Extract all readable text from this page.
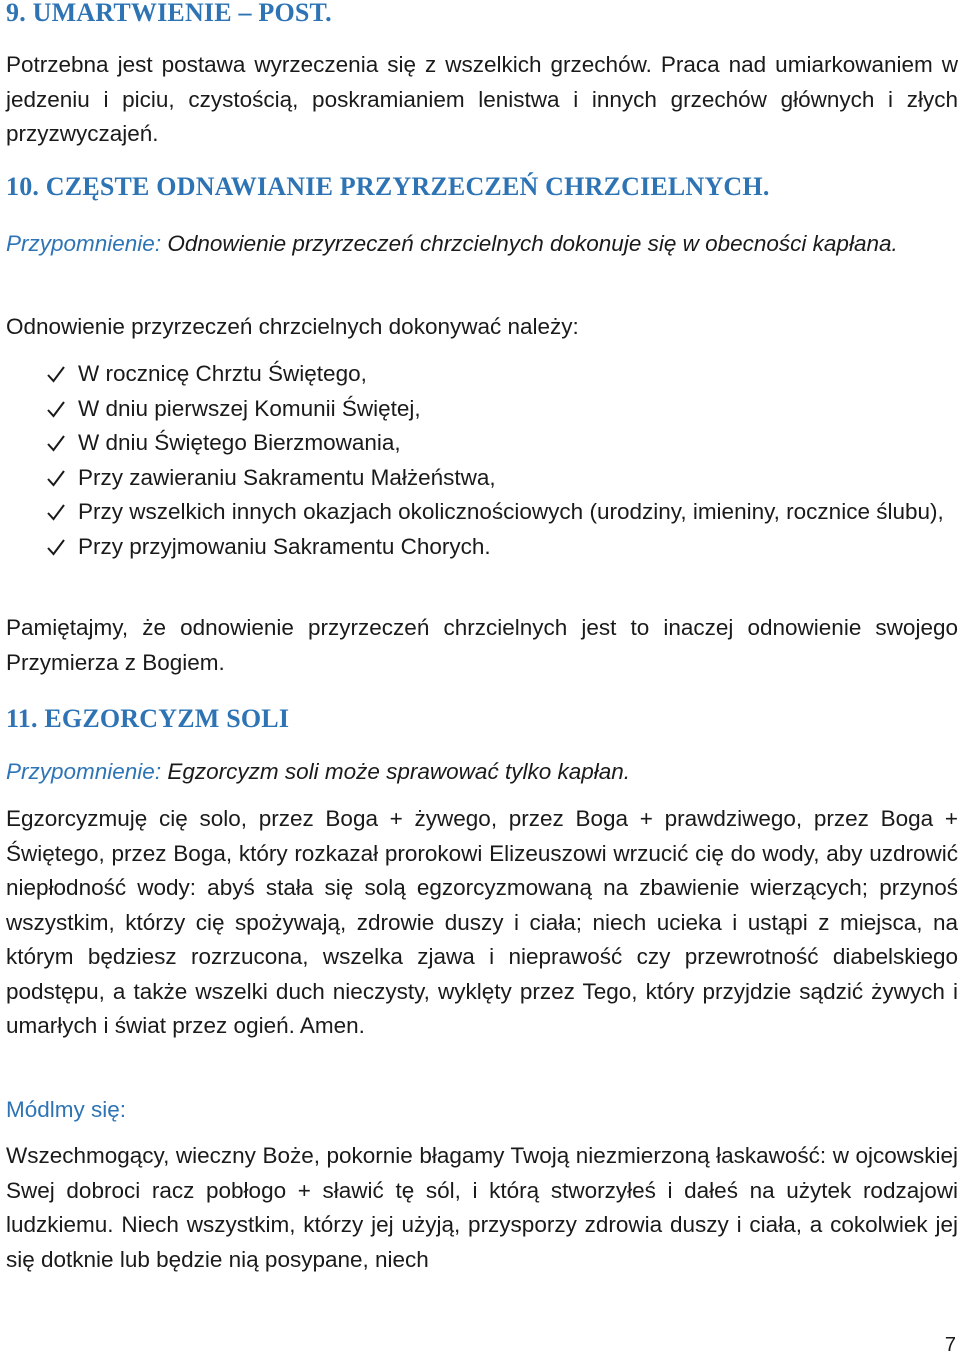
9. UMARTWIENIE – POST.
Potrzebna jest postawa wyrzeczenia się z wszelkich grzechów. Praca nad umiarkowaniem w jedzeniu i piciu, czystością, poskramianiem lenistwa i innych grzechów głównych i złych przyzwyczajeń.
10. CZĘSTE ODNAWIANIE PRZYRZECZEŃ CHRZCIELNYCH.
Przypomnienie: Odnowienie przyrzeczeń chrzcielnych dokonuje się w obecności kapłana.
Odnowienie przyrzeczeń chrzcielnych dokonywać należy:
W rocznicę Chrztu Świętego,
W dniu pierwszej Komunii Świętej,
W dniu Świętego Bierzmowania,
Przy zawieraniu Sakramentu Małżeństwa,
Przy wszelkich innych okazjach okolicznościowych (urodziny, imieniny, rocznice ślubu),
Przy przyjmowaniu Sakramentu Chorych.
Pamiętajmy, że odnowienie przyrzeczeń chrzcielnych jest to inaczej odnowienie swojego Przymierza z Bogiem.
11. EGZORCYZM SOLI
Przypomnienie: Egzorcyzm soli może sprawować tylko kapłan.
Egzorcyzmuję cię solo, przez Boga + żywego, przez Boga + prawdziwego, przez Boga + Świętego, przez Boga, który rozkazał prorokowi Elizeuszowi wrzucić cię do wody, aby uzdrowić niepłodność wody: abyś stała się solą egzorcyzmowaną na zbawienie wierzących; przynoś wszystkim, którzy cię spożywają, zdrowie duszy i ciała; niech ucieka i ustąpi z miejsca, na którym będziesz rozrzucona, wszelka zjawa i nieprawość czy przewrotność diabelskiego podstępu, a także wszelki duch nieczysty, wyklęty przez Tego, który przyjdzie sądzić żywych i umarłych i świat przez ogień. Amen.
Módlmy się:
Wszechmogący, wieczny Boże, pokornie błagamy Twoją niezmierzoną łaskawość: w ojcowskiej Swej dobroci racz pobłogo + sławić tę sól, i którą stworzyłeś i dałeś na użytek rodzajowi ludzkiemu. Niech wszystkim, którzy jej użyją, przysporzy zdrowia duszy i ciała, a cokolwiek jej się dotknie lub będzie nią posypane, niech
7
